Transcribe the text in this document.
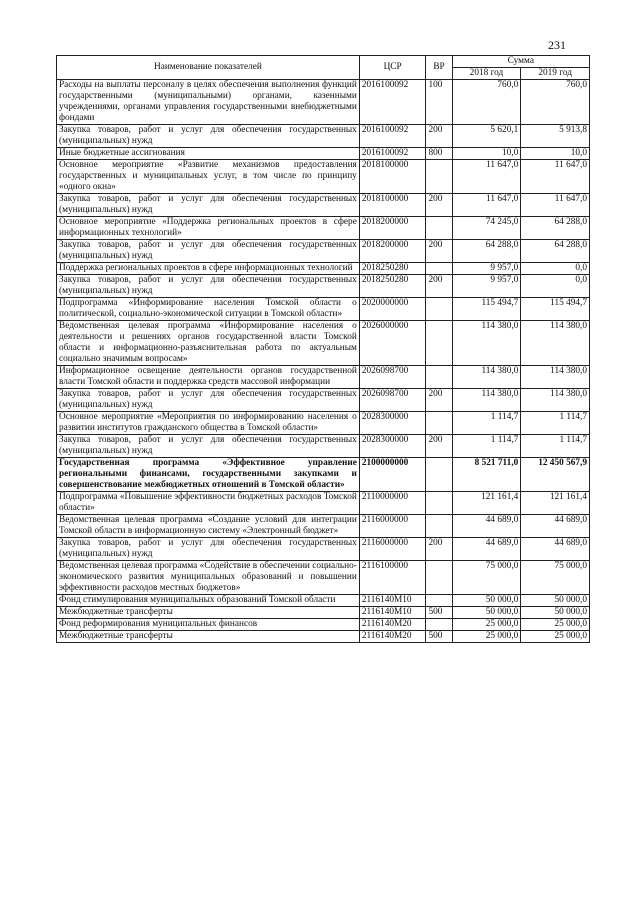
231
Наименование показателей	ЦСР	ВР	Сумма	
			2018 год	2019 год
Расходы на выплаты персоналу в целях обеспечения выполнения функций государственными (муниципальными) органами, казенными учреждениями, органами управления государственными внебюджетными фондами	2016100092	100	760,0	760,0
Закупка товаров, работ и услуг для обеспечения государственных (муниципальных) нужд	2016100092	200	5 620,1	5 913,8
Иные бюджетные ассигнования	2016100092	800	10,0	10,0
Основное мероприятие «Развитие механизмов предоставления государственных и муниципальных услуг, в том числе по принципу «одного окна»	2018100000		11 647,0	11 647,0
Закупка товаров, работ и услуг для обеспечения государственных (муниципальных) нужд	2018100000	200	11 647,0	11 647,0
Основное мероприятие «Поддержка региональных проектов в сфере информационных технологий»	2018200000		74 245,0	64 288,0
Закупка товаров, работ и услуг для обеспечения государственных (муниципальных) нужд	2018200000	200	64 288,0	64 288,0
Поддержка региональных проектов в сфере информационных технологий	2018250280		9 957,0	0,0
Закупка товаров, работ и услуг для обеспечения государственных (муниципальных) нужд	2018250280	200	9 957,0	0,0
Подпрограмма «Информирование населения Томской области о политической, социально-экономической ситуации в Томской области»	2020000000		115 494,7	115 494,7
Ведомственная целевая программа «Информирование населения о деятельности и решениях органов государственной власти Томской области и информационно-разъяснительная работа по актуальным социально значимым вопросам»	2026000000		114 380,0	114 380,0
Информационное освещение деятельности органов государственной власти Томской области и поддержка средств массовой информации	2026098700		114 380,0	114 380,0
Закупка товаров, работ и услуг для обеспечения государственных (муниципальных) нужд	2026098700	200	114 380,0	114 380,0
Основное мероприятие «Мероприятия по информированию населения о развитии институтов гражданского общества в Томской области»	2028300000		1 114,7	1 114,7
Закупка товаров, работ и услуг для обеспечения государственных (муниципальных) нужд	2028300000	200	1 114,7	1 114,7
Государственная программа «Эффективное управление региональными финансами, государственными закупками и совершенствование межбюджетных отношений в Томской области»	2100000000		8 521 711,0	12 450 567,9
Подпрограмма «Повышение эффективности бюджетных расходов Томской области»	2110000000		121 161,4	121 161,4
Ведомственная целевая программа «Создание условий для интеграции Томской области в информационную систему «Электронный бюджет»	2116000000		44 689,0	44 689,0
Закупка товаров, работ и услуг для обеспечения государственных (муниципальных) нужд	2116000000	200	44 689,0	44 689,0
Ведомственная целевая программа «Содействие в обеспечении социально-экономического развития муниципальных образований и повышении эффективности расходов местных бюджетов»	2116100000		75 000,0	75 000,0
Фонд стимулирования муниципальных образований Томской области	2116140М10		50 000,0	50 000,0
Межбюджетные трансферты	2116140М10	500	50 000,0	50 000,0
Фонд реформирования муниципальных финансов	2116140М20		25 000,0	25 000,0
Межбюджетные трансферты	2116140М20	500	25 000,0	25 000,0
